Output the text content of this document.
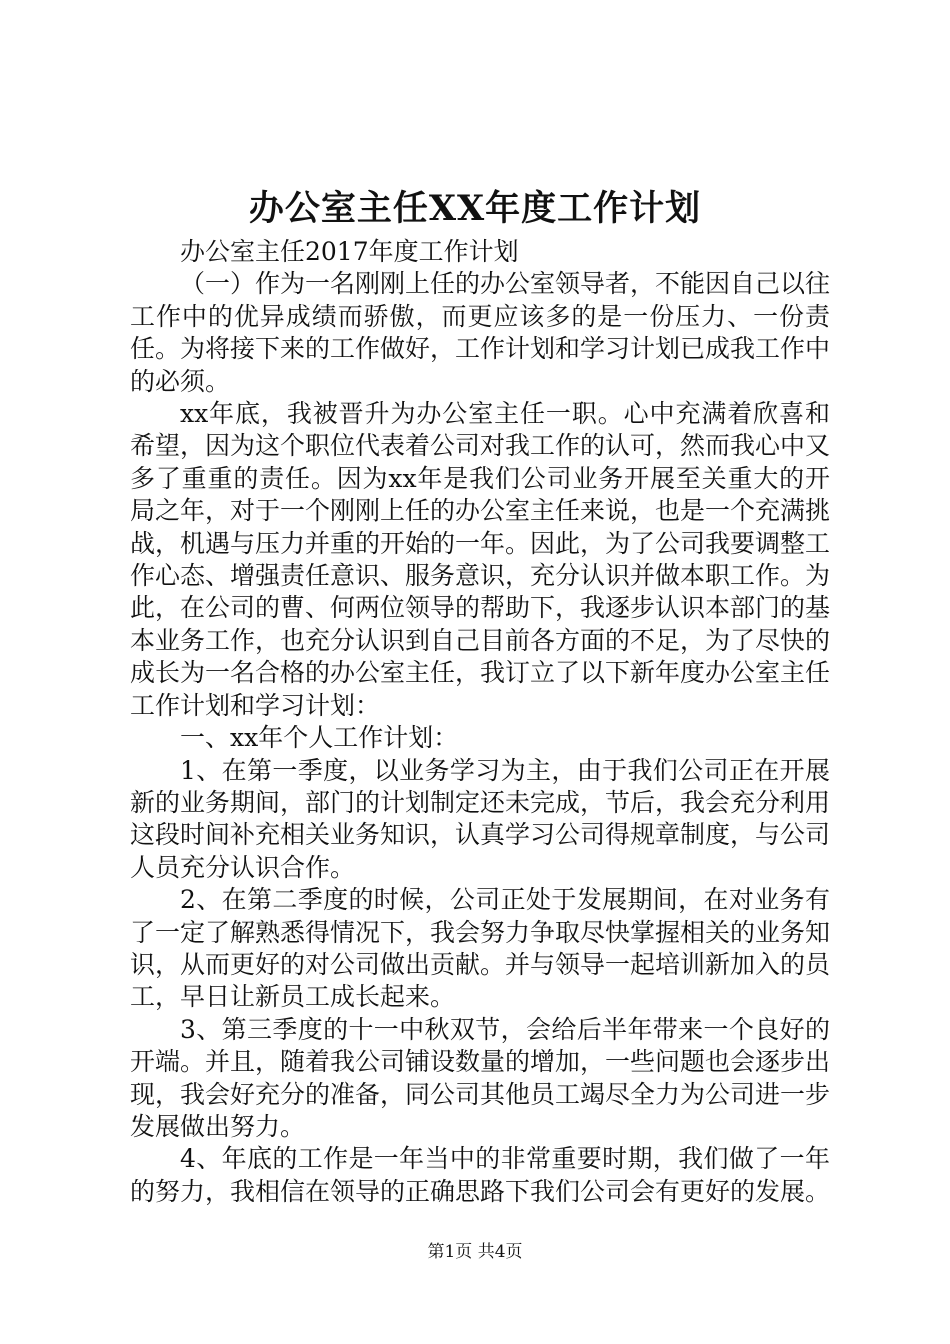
办公室主任XX年度工作计划

办公室主任2017年度工作计划

（一）作为一名刚刚上任的办公室领导者，不能因自己以往工作中的优异成绩而骄傲，而更应该多的是一份压力、一份责任。为将接下来的工作做好，工作计划和学习计划已成我工作中的必须。

xx年底，我被晋升为办公室主任一职。心中充满着欣喜和希望，因为这个职位代表着公司对我工作的认可，然而我心中又多了重重的责任。因为xx年是我们公司业务开展至关重大的开局之年，对于一个刚刚上任的办公室主任来说，也是一个充满挑战，机遇与压力并重的开始的一年。因此，为了公司我要调整工作心态、增强责任意识、服务意识，充分认识并做本职工作。为此，在公司的曹、何两位领导的帮助下，我逐步认识本部门的基本业务工作，也充分认识到自己目前各方面的不足，为了尽快的成长为一名合格的办公室主任，我订立了以下新年度办公室主任工作计划和学习计划：

一、xx年个人工作计划：

1、在第一季度，以业务学习为主，由于我们公司正在开展新的业务期间，部门的计划制定还未完成，节后，我会充分利用这段时间补充相关业务知识，认真学习公司得规章制度，与公司人员充分认识合作。

2、在第二季度的时候，公司正处于发展期间，在对业务有了一定了解熟悉得情况下，我会努力争取尽快掌握相关的业务知识，从而更好的对公司做出贡献。并与领导一起培训新加入的员工，早日让新员工成长起来。

3、第三季度的十一中秋双节，会给后半年带来一个良好的开端。并且，随着我公司铺设数量的增加，一些问题也会逐步出现，我会好充分的准备，同公司其他员工竭尽全力为公司进一步发展做出努力。

4、年底的工作是一年当中的非常重要时期，我们做了一年的努力，我相信在领导的正确思路下我们公司会有更好的发展。

第1页 共4页
